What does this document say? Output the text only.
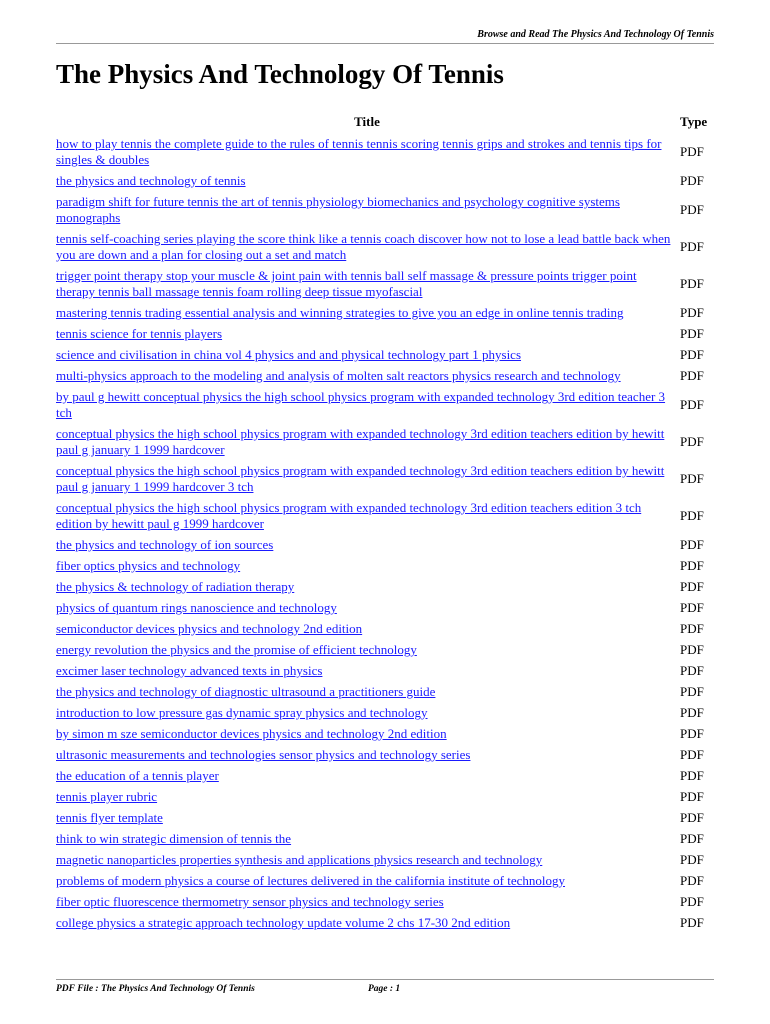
Browse and Read The Physics And Technology Of Tennis
The Physics And Technology Of Tennis
Title	Type
how to play tennis the complete guide to the rules of tennis tennis scoring tennis grips and strokes and tennis tips for singles & doubles	PDF
the physics and technology of tennis	PDF
paradigm shift for future tennis the art of tennis physiology biomechanics and psychology cognitive systems monographs	PDF
tennis self-coaching series playing the score think like a tennis coach discover how not to lose a lead battle back when you are down and a plan for closing out a set and match	PDF
trigger point therapy stop your muscle & joint pain with tennis ball self massage & pressure points trigger point therapy tennis ball massage tennis foam rolling deep tissue myofascial	PDF
mastering tennis trading essential analysis and winning strategies to give you an edge in online tennis trading	PDF
tennis science for tennis players	PDF
science and civilisation in china vol 4 physics and and physical technology part 1 physics	PDF
multi-physics approach to the modeling and analysis of molten salt reactors physics research and technology	PDF
by paul g hewitt conceptual physics the high school physics program with expanded technology 3rd edition teacher 3 tch	PDF
conceptual physics the high school physics program with expanded technology 3rd edition teachers edition by hewitt paul g january 1 1999 hardcover	PDF
conceptual physics the high school physics program with expanded technology 3rd edition teachers edition by hewitt paul g january 1 1999 hardcover 3 tch	PDF
conceptual physics the high school physics program with expanded technology 3rd edition teachers edition 3 tch edition by hewitt paul g 1999 hardcover	PDF
the physics and technology of ion sources	PDF
fiber optics physics and technology	PDF
the physics & technology of radiation therapy	PDF
physics of quantum rings nanoscience and technology	PDF
semiconductor devices physics and technology 2nd edition	PDF
energy revolution the physics and the promise of efficient technology	PDF
excimer laser technology advanced texts in physics	PDF
the physics and technology of diagnostic ultrasound a practitioners guide	PDF
introduction to low pressure gas dynamic spray physics and technology	PDF
by simon m sze semiconductor devices physics and technology 2nd edition	PDF
ultrasonic measurements and technologies sensor physics and technology series	PDF
the education of a tennis player	PDF
tennis player rubric	PDF
tennis flyer template	PDF
think to win strategic dimension of tennis the	PDF
magnetic nanoparticles properties synthesis and applications physics research and technology	PDF
problems of modern physics a course of lectures delivered in the california institute of technology	PDF
fiber optic fluorescence thermometry sensor physics and technology series	PDF
college physics a strategic approach technology update volume 2 chs 17-30 2nd edition	PDF
PDF File : The Physics And Technology Of Tennis	Page : 1
